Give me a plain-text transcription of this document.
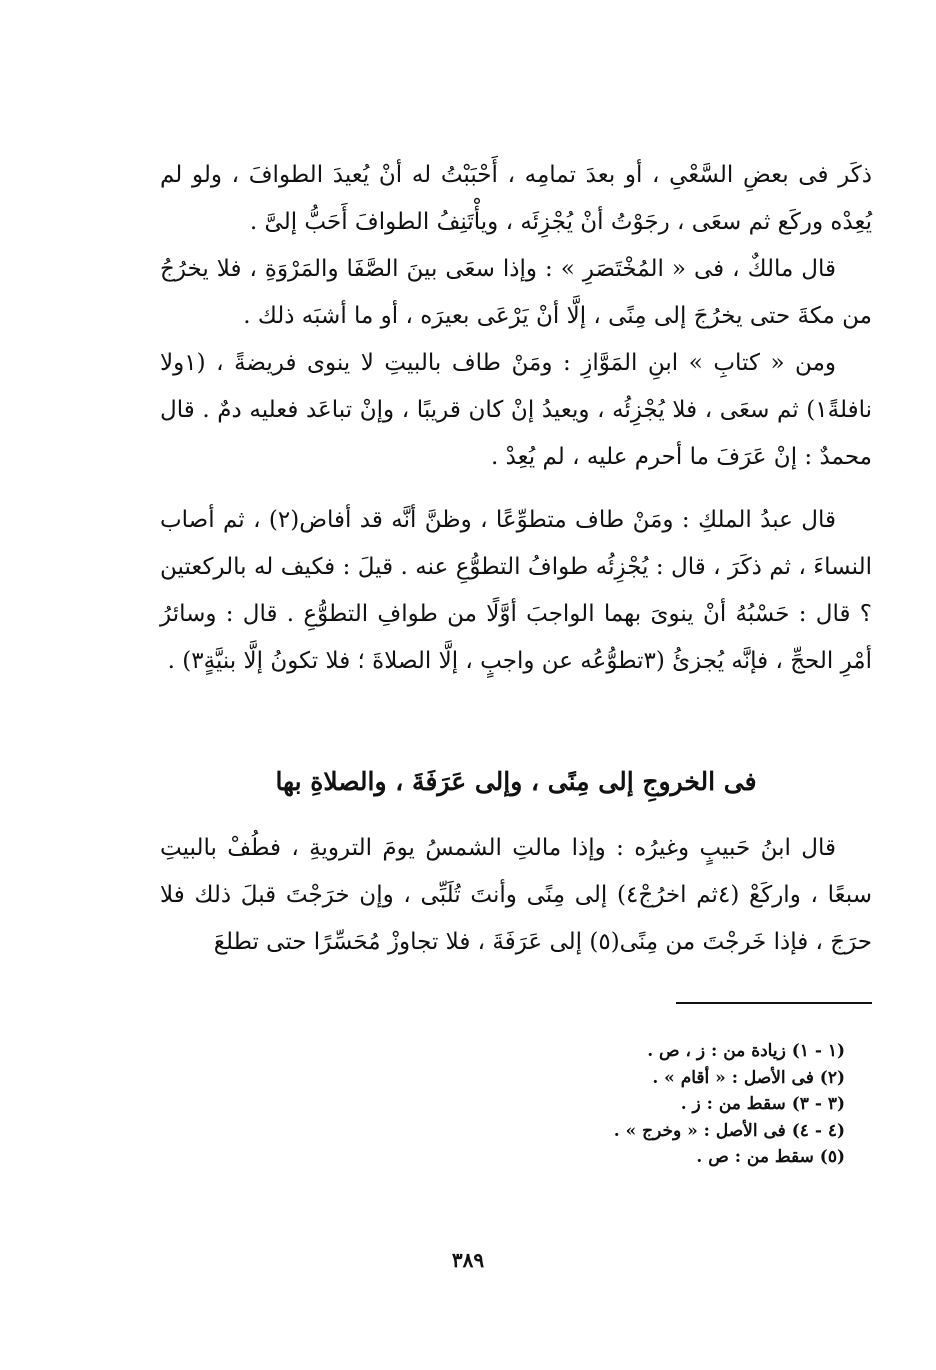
ذكَر فى بعضِ السَّعْىِ ، أو بعدَ تمامِه ، أَحْبَبْتُ له أنْ يُعيدَ الطوافَ ، ولو لم يُعِدْه وركَع ثم سعَى ، رجَوْتُ أنْ يُجْزِئَه ، ويأْتَنِفُ الطوافَ أَحَبُّ إلىَّ .

قال مالكٌ ، فى « المُخْتَصَرِ » : وإذا سعَى بينَ الصَّفَا والمَرْوَةِ ، فلا يخرُجُ من مكةَ حتى يخرُجَ إلى مِنًى ، إلَّا أنْ يَرْعَى بعيرَه ، أو ما أشبَه ذلك .

ومن « كتابِ » ابنِ المَوَّازِ : ومَنْ طاف بالبيتِ لا ينوى فريضةً ، (١ولا نافلةً١) ثم سعَى ، فلا يُجْزِئُه ، ويعيدُ إنْ كان قريبًا ، وإنْ تباعَد فعليه دمٌ . قال محمدٌ : إنْ عَرَفَ ما أحرم عليه ، لم يُعِدْ .

قال عبدُ الملكِ : ومَنْ طاف متطوِّعًا ، وظنَّ أنَّه قد أفاض(٢) ، ثم أصاب النساءَ ، ثم ذكَرَ ، قال : يُجْزِئُه طوافُ التطوُّعِ عنه . قيلَ : فكيف له بالركعتين ؟ قال : حَسْبُهُ أنْ ينوىَ بهما الواجبَ أوَّلًا من طوافِ التطوُّعِ . قال : وسائرُ أمْرِ الحجِّ ، فإنَّه يُجزئُ (٣تطوُّعُه عن واجبٍ ، إلَّا الصلاةَ ؛ فلا تكونُ إلَّا بنيَّةٍ٣) .

فى الخروجِ إلى مِنًى ، وإلى عَرَفَةَ ، والصلاةِ بها

قال ابنُ حَبيبٍ وغيرُه : وإذا مالتِ الشمسُ يومَ الترويةِ ، فطُفْ بالبيتِ سبعًا ، واركَعْ (٤ثم اخرُجْ٤) إلى مِنًى وأنتَ تُلَبِّى ، وإن خرَجْتَ قبلَ ذلك فلا حرَجَ ، فإذا خَرجْتَ من مِنًى(٥) إلى عَرَفَةَ ، فلا تجاوزْ مُحَسِّرًا حتى تطلعَ

(١ - ١) زيادة من : ز ، ص .
(٢) فى الأصل : « أقام » .
(٣ - ٣) سقط من : ز .
(٤ - ٤) فى الأصل : « وخرج » .
(٥) سقط من : ص .
٣٨٩
